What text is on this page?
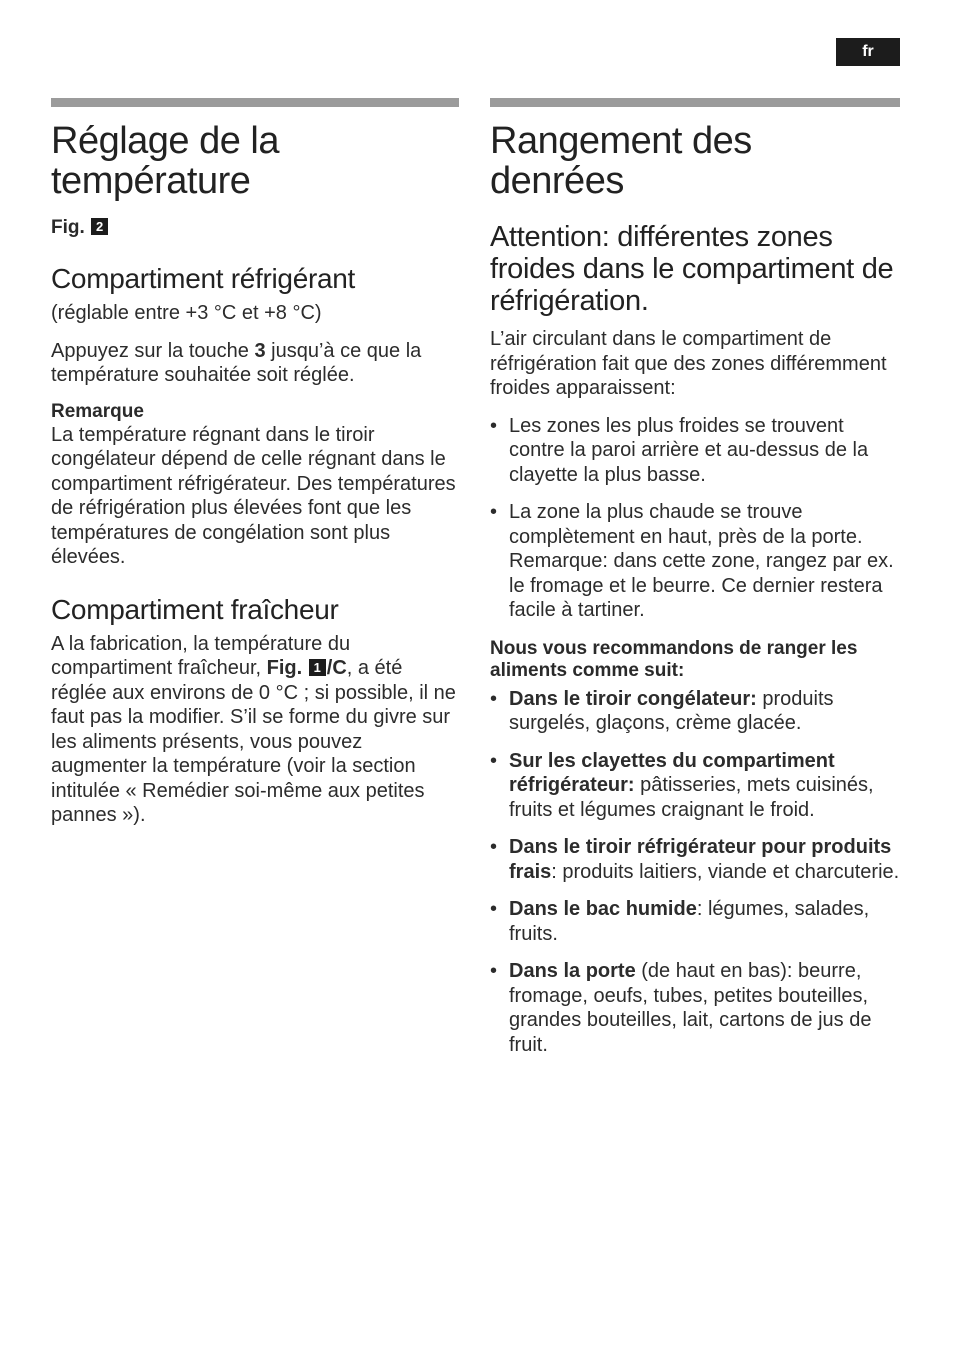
fr
Réglage de la
température
Fig. 2
Compartiment réfrigérant

(réglable entre +3 °C et +8 °C)

Appuyez sur la touche 3 jusqu’à ce que la température souhaitée soit réglée.

Remarque

La température régnant dans le tiroir congélateur dépend de celle régnant dans le compartiment réfrigérateur. Des températures de réfrigération plus élevées font que les températures de congélation sont plus élevées.

Compartiment fraîcheur

A la fabrication, la température du compartiment fraîcheur, Fig. 1 /C, a été réglée aux environs de 0 °C ; si possible, il ne faut pas la modifier. S’il se forme du givre sur les aliments présents, vous pouvez augmenter la température (voir la section intitulée « Remédier soi-même aux petites pannes »).

Rangement des
denrées
Attention: différentes zones froides dans le compartiment de réfrigération.

L’air circulant dans le compartiment de réfrigération fait que des zones différemment froides apparaissent:

• Les zones les plus froides se trouvent contre la paroi arrière et au-dessus de la clayette la plus basse.
• La zone la plus chaude se trouve complètement en haut, près de la porte. Remarque: dans cette zone, rangez par ex. le fromage et le beurre. Ce dernier restera facile à tartiner.
Nous vous recommandons de ranger les aliments comme suit:
• Dans le tiroir congélateur: produits surgelés, glaçons, crème glacée.
• Sur les clayettes du compartiment réfrigérateur: pâtisseries, mets cuisinés, fruits et légumes craignant le froid.
• Dans le tiroir réfrigérateur pour produits frais: produits laitiers, viande et charcuterie.
• Dans le bac humide: légumes, salades, fruits.
• Dans la porte (de haut en bas): beurre, fromage, oeufs, tubes, petites bouteilles, grandes bouteilles, lait, cartons de jus de fruit.
